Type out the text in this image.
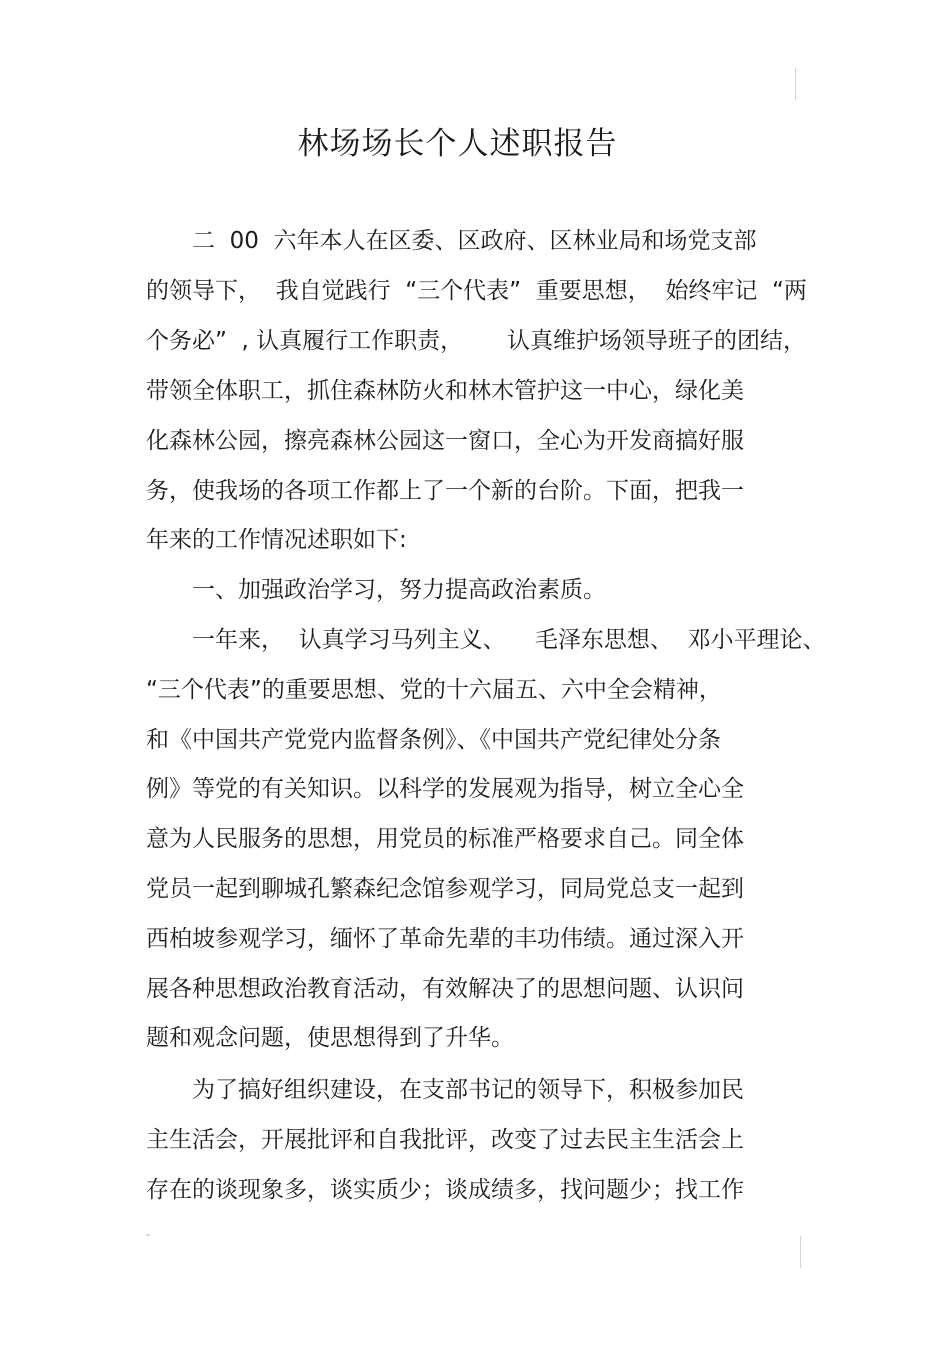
林场场长个人述职报告
二  00  六年本人在区委、区政府、区林业局和场党支部
的领导下，  我自觉践行  “三个代表”  重要思想，  始终牢记  “两
个务必”  , 认真履行工作职责，      认真维护场领导班子的团结，
带领全体职工，抓住森林防火和林木管护这一中心，绿化美
化森林公园，擦亮森林公园这一窗口，全心为开发商搞好服
务，使我场的各项工作都上了一个新的台阶。下面，把我一
年来的工作情况述职如下:
一、加强政治学习，努力提高政治素质。
一年来，  认真学习马列主义、    毛泽东思想、  邓小平理论、
“三个代表”的重要思想、党的十六届五、六中全会精神，
和《中国共产党党内监督条例》、《中国共产党纪律处分条
例》等党的有关知识。以科学的发展观为指导，树立全心全
意为人民服务的思想，用党员的标准严格要求自己。同全体
党员一起到聊城孔繁森纪念馆参观学习，同局党总支一起到
西柏坡参观学习，缅怀了革命先辈的丰功伟绩。通过深入开
展各种思想政治教育活动，有效解决了的思想问题、认识问
题和观念问题，使思想得到了升华。
为了搞好组织建设，在支部书记的领导下，积极参加民
主生活会，开展批评和自我批评，改变了过去民主生活会上
存在的谈现象多，谈实质少；谈成绩多，找问题少；找工作
